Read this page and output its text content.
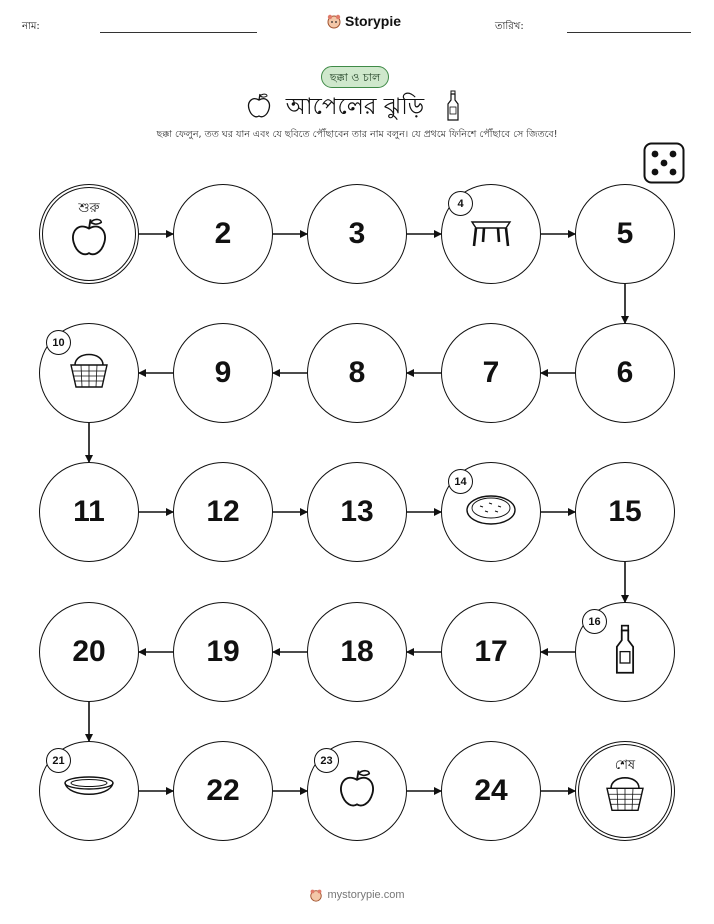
নাম:	Storypie	তারিখ:
ছক্কা ও চাল
আপেলের ঝুড়ি
ছক্কা ফেলুন, তত ঘর যান এবং যে ছবিতে পৌঁছাবেন তার নাম বলুন। যে প্রথমে ফিনিশে পৌঁছাবে সে জিতবে!
শুরু
2	3
4
5
6
7
8
9
10
11	12	13
14
15
16
17
18
19
20
21
22
23
24
শেষ
mystorypie.com
